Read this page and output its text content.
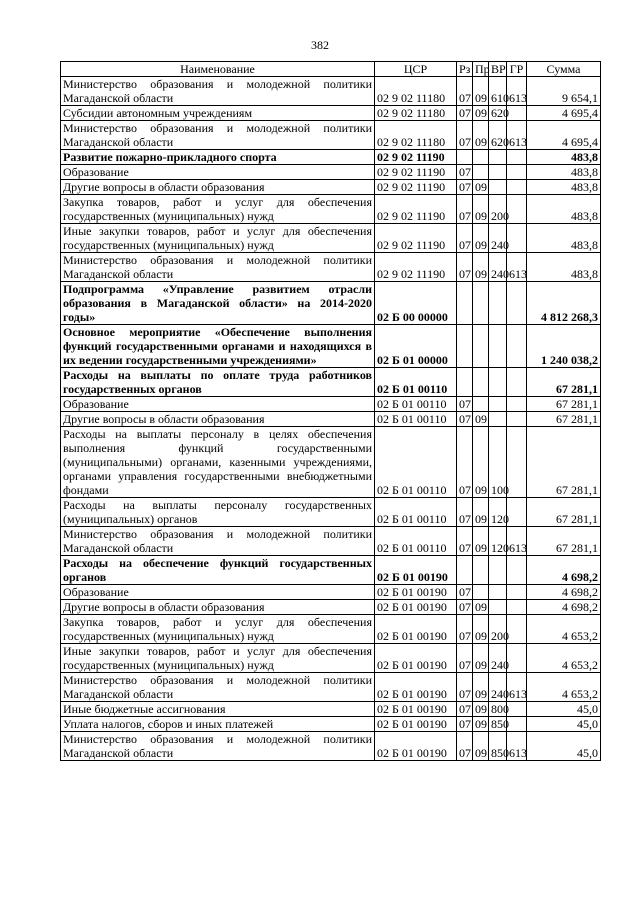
382
Наименование	ЦСР	Рз	Пр	ВР	ГР	Сумма
Министерство образования и молодежной политики Магаданской области	02 9 02 11180	07	09	610	613	9 654,1
Субсидии автономным учреждениям	02 9 02 11180	07	09	620		4 695,4
Министерство образования и молодежной политики Магаданской области	02 9 02 11180	07	09	620	613	4 695,4
Развитие пожарно-прикладного спорта	02 9 02 11190					483,8
Образование	02 9 02 11190	07				483,8
Другие вопросы в области образования	02 9 02 11190	07	09			483,8
Закупка товаров, работ и услуг для обеспечения государственных (муниципальных) нужд	02 9 02 11190	07	09	200		483,8
Иные закупки товаров, работ и услуг для обеспечения государственных (муниципальных) нужд	02 9 02 11190	07	09	240		483,8
Министерство образования и молодежной политики Магаданской области	02 9 02 11190	07	09	240	613	483,8
Подпрограмма «Управление развитием отрасли образования в Магаданской области» на 2014-2020 годы»	02 Б 00 00000					4 812 268,3
Основное мероприятие «Обеспечение выполнения функций государственными органами и находящихся в их ведении государственными учреждениями»	02 Б 01 00000					1 240 038,2
Расходы на выплаты по оплате труда работников государственных органов	02 Б 01 00110					67 281,1
Образование	02 Б 01 00110	07				67 281,1
Другие вопросы в области образования	02 Б 01 00110	07	09			67 281,1
Расходы на выплаты персоналу в целях обеспечения выполнения функций государственными (муниципальными) органами, казенными учреждениями, органами управления государственными внебюджетными фондами	02 Б 01 00110	07	09	100		67 281,1
Расходы на выплаты персоналу государственных (муниципальных) органов	02 Б 01 00110	07	09	120		67 281,1
Министерство образования и молодежной политики Магаданской области	02 Б 01 00110	07	09	120	613	67 281,1
Расходы на обеспечение функций государственных органов	02 Б 01 00190					4 698,2
Образование	02 Б 01 00190	07				4 698,2
Другие вопросы в области образования	02 Б 01 00190	07	09			4 698,2
Закупка товаров, работ и услуг для обеспечения государственных (муниципальных) нужд	02 Б 01 00190	07	09	200		4 653,2
Иные закупки товаров, работ и услуг для обеспечения государственных (муниципальных) нужд	02 Б 01 00190	07	09	240		4 653,2
Министерство образования и молодежной политики Магаданской области	02 Б 01 00190	07	09	240	613	4 653,2
Иные бюджетные ассигнования	02 Б 01 00190	07	09	800		45,0
Уплата налогов, сборов и иных платежей	02 Б 01 00190	07	09	850		45,0
Министерство образования и молодежной политики Магаданской области	02 Б 01 00190	07	09	850	613	45,0
